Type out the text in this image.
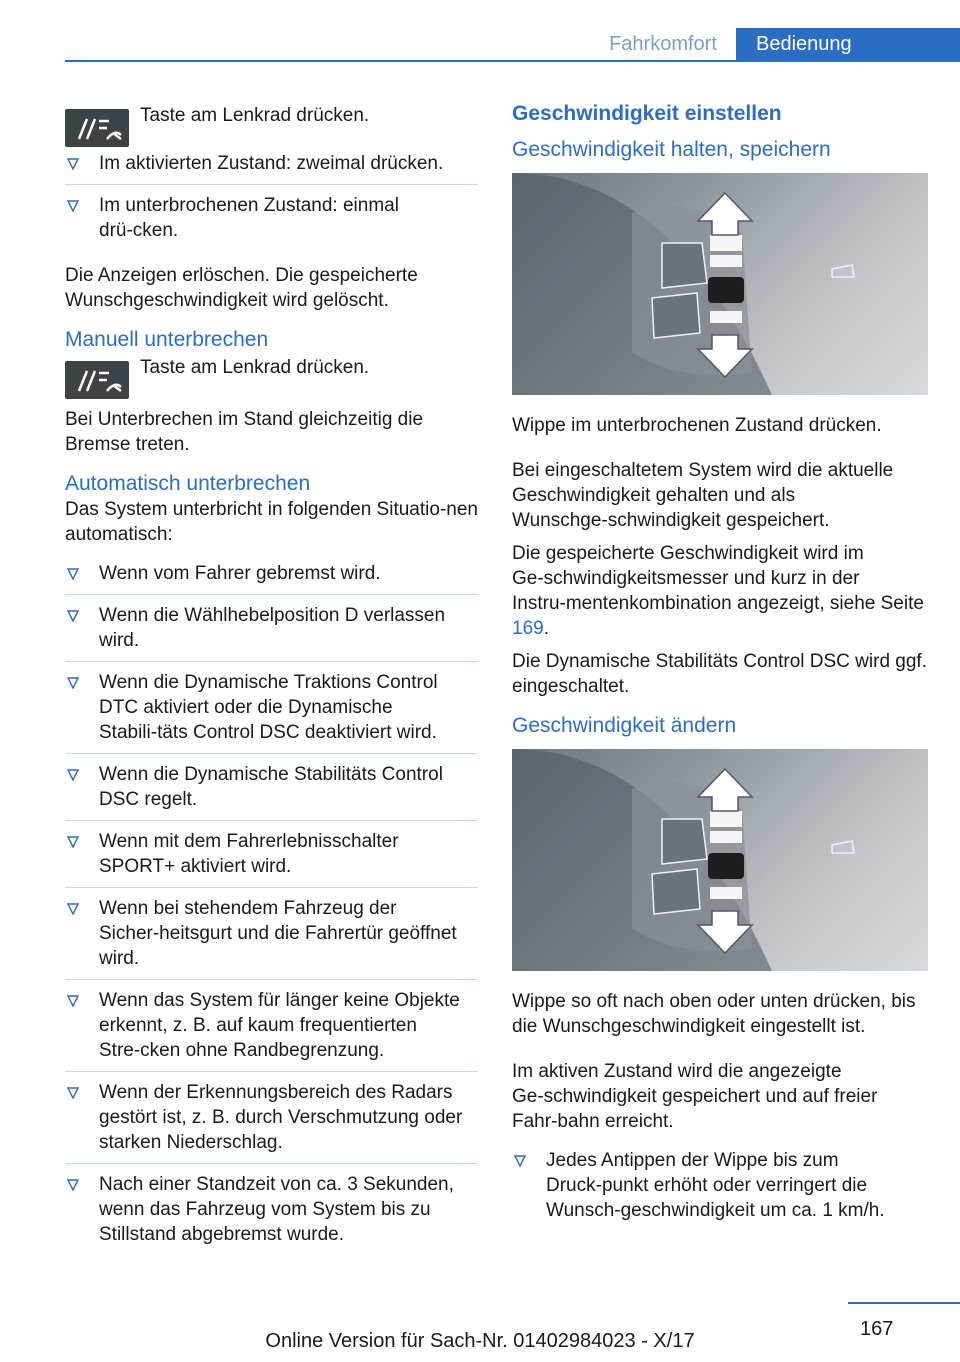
Fahrkomfort	Bedienung

Taste am Lenkrad drücken.

Im aktivierten Zustand: zweimal drücken.
Im unterbrochenen Zustand: einmal drü‑cken.

Die Anzeigen erlöschen. Die gespeicherte Wunschgeschwindigkeit wird gelöscht.

Manuell unterbrechen

Taste am Lenkrad drücken.

Bei Unterbrechen im Stand gleichzeitig die Bremse treten.

Automatisch unterbrechen

Das System unterbricht in folgenden Situatio‑nen automatisch:

Wenn vom Fahrer gebremst wird.
Wenn die Wählhebelposition D verlassen wird.
Wenn die Dynamische Traktions Control DTC aktiviert oder die Dynamische Stabili‑täts Control DSC deaktiviert wird.
Wenn die Dynamische Stabilitäts Control DSC regelt.
Wenn mit dem Fahrerlebnisschalter SPORT+ aktiviert wird.
Wenn bei stehendem Fahrzeug der Sicher‑heitsgurt und die Fahrertür geöffnet wird.
Wenn das System für länger keine Objekte erkennt, z. B. auf kaum frequentierten Stre‑cken ohne Randbegrenzung.
Wenn der Erkennungsbereich des Radars gestört ist, z. B. durch Verschmutzung oder starken Niederschlag.
Nach einer Standzeit von ca. 3 Sekunden, wenn das Fahrzeug vom System bis zu Stillstand abgebremst wurde.
Geschwindigkeit einstellen
Geschwindigkeit halten, speichern

Wippe im unterbrochenen Zustand drücken.

Bei eingeschaltetem System wird die aktuelle Geschwindigkeit gehalten und als Wunschge‑schwindigkeit gespeichert.

Die gespeicherte Geschwindigkeit wird im Ge‑schwindigkeitsmesser und kurz in der Instru‑mentenkombination angezeigt, siehe Seite 169.

Die Dynamische Stabilitäts Control DSC wird ggf. eingeschaltet.

Geschwindigkeit ändern

Wippe so oft nach oben oder unten drücken, bis die Wunschgeschwindigkeit eingestellt ist.

Im aktiven Zustand wird die angezeigte Ge‑schwindigkeit gespeichert und auf freier Fahr‑bahn erreicht.

Jedes Antippen der Wippe bis zum Druck‑punkt erhöht oder verringert die Wunsch‑geschwindigkeit um ca. 1 km/h.
167
Online Version für Sach-Nr. 01402984023 - X/17
